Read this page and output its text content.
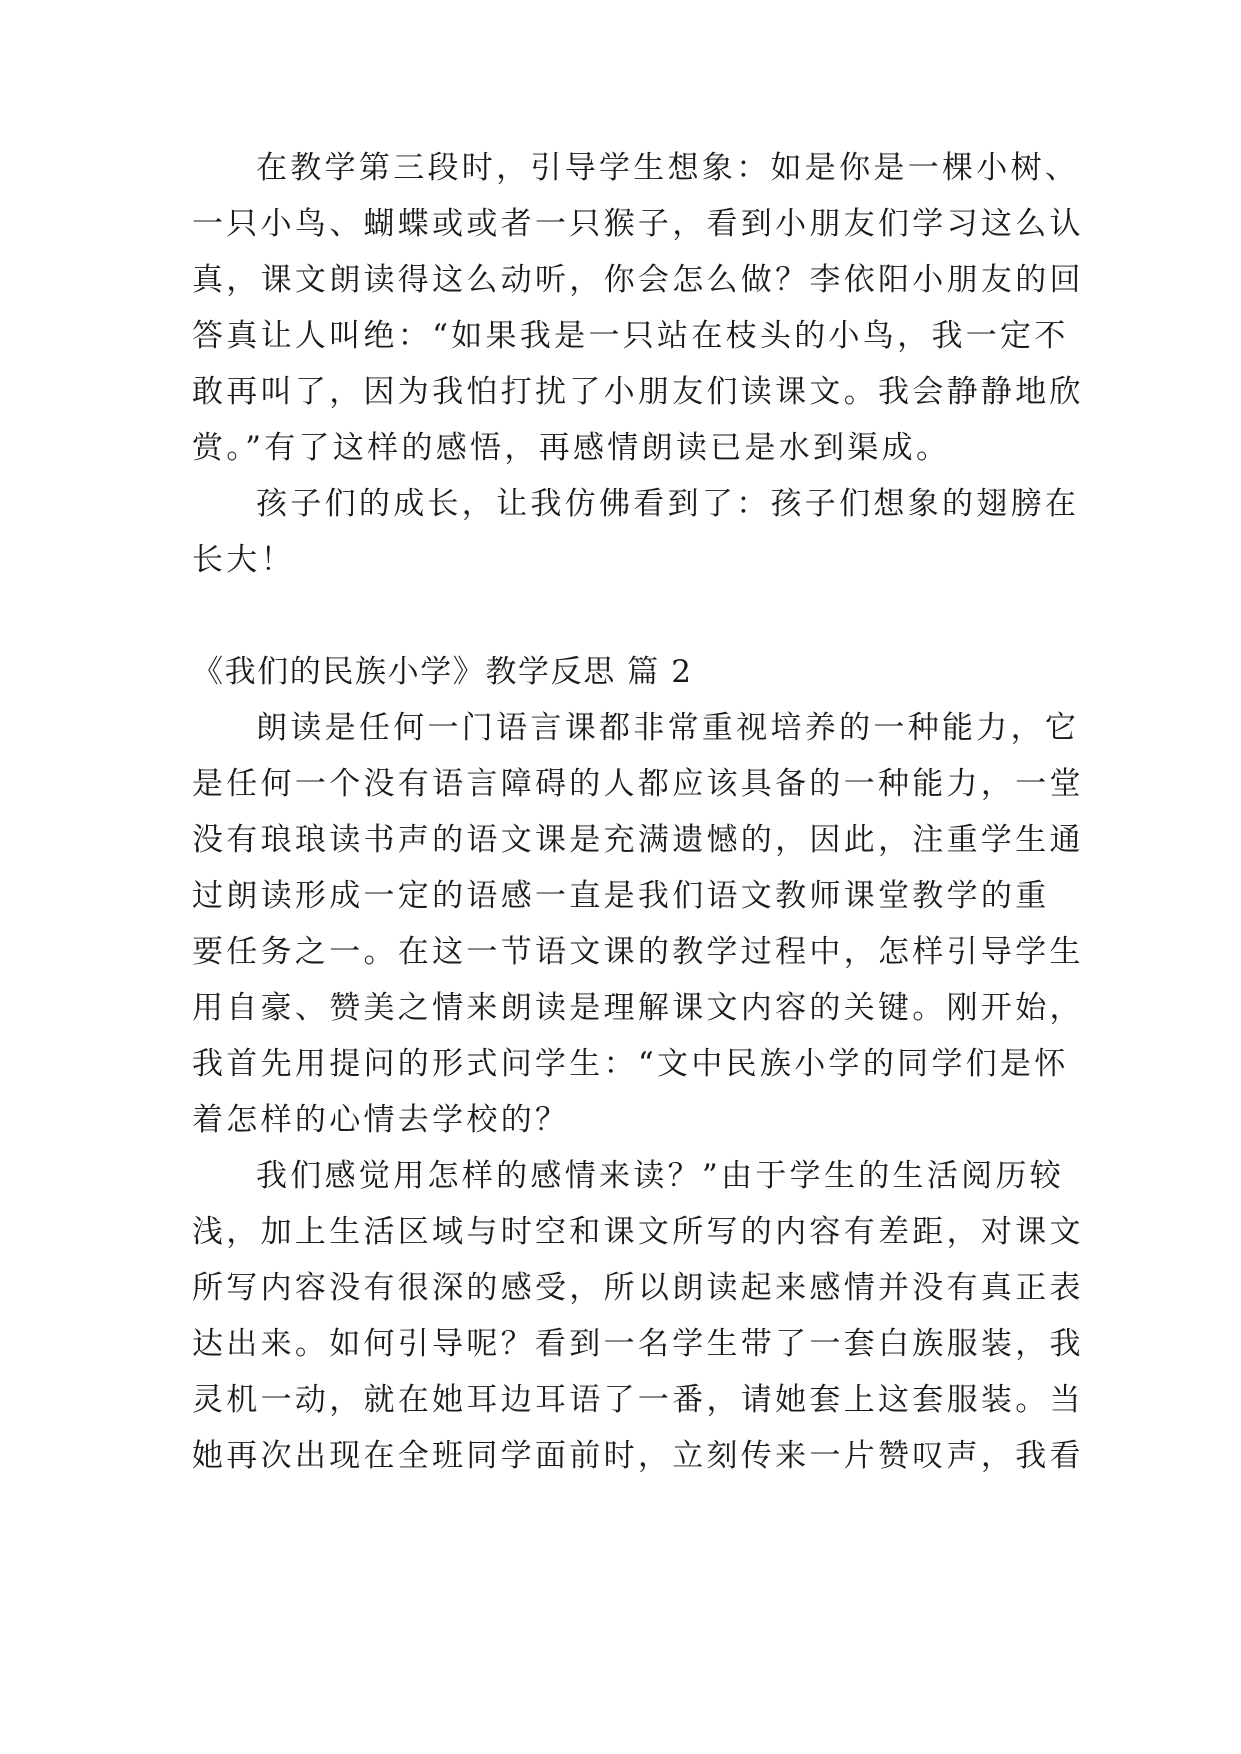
在教学第三段时，引导学生想象：如是你是一棵小树、
一只小鸟、蝴蝶或或者一只猴子，看到小朋友们学习这么认
真，课文朗读得这么动听，你会怎么做？李依阳小朋友的回
答真让人叫绝：“如果我是一只站在枝头的小鸟，我一定不
敢再叫了，因为我怕打扰了小朋友们读课文。我会静静地欣
赏。”有了这样的感悟，再感情朗读已是水到渠成。
孩子们的成长，让我仿佛看到了：孩子们想象的翅膀在
长大！
《我们的民族小学》教学反思 篇 2
朗读是任何一门语言课都非常重视培养的一种能力，它
是任何一个没有语言障碍的人都应该具备的一种能力，一堂
没有琅琅读书声的语文课是充满遗憾的，因此，注重学生通
过朗读形成一定的语感一直是我们语文教师课堂教学的重
要任务之一。在这一节语文课的教学过程中，怎样引导学生
用自豪、赞美之情来朗读是理解课文内容的关键。刚开始，
我首先用提问的形式问学生：“文中民族小学的同学们是怀
着怎样的心情去学校的？
我们感觉用怎样的感情来读？”由于学生的生活阅历较
浅，加上生活区域与时空和课文所写的内容有差距，对课文
所写内容没有很深的感受，所以朗读起来感情并没有真正表
达出来。如何引导呢？看到一名学生带了一套白族服装，我
灵机一动，就在她耳边耳语了一番，请她套上这套服装。当
她再次出现在全班同学面前时，立刻传来一片赞叹声，我看
